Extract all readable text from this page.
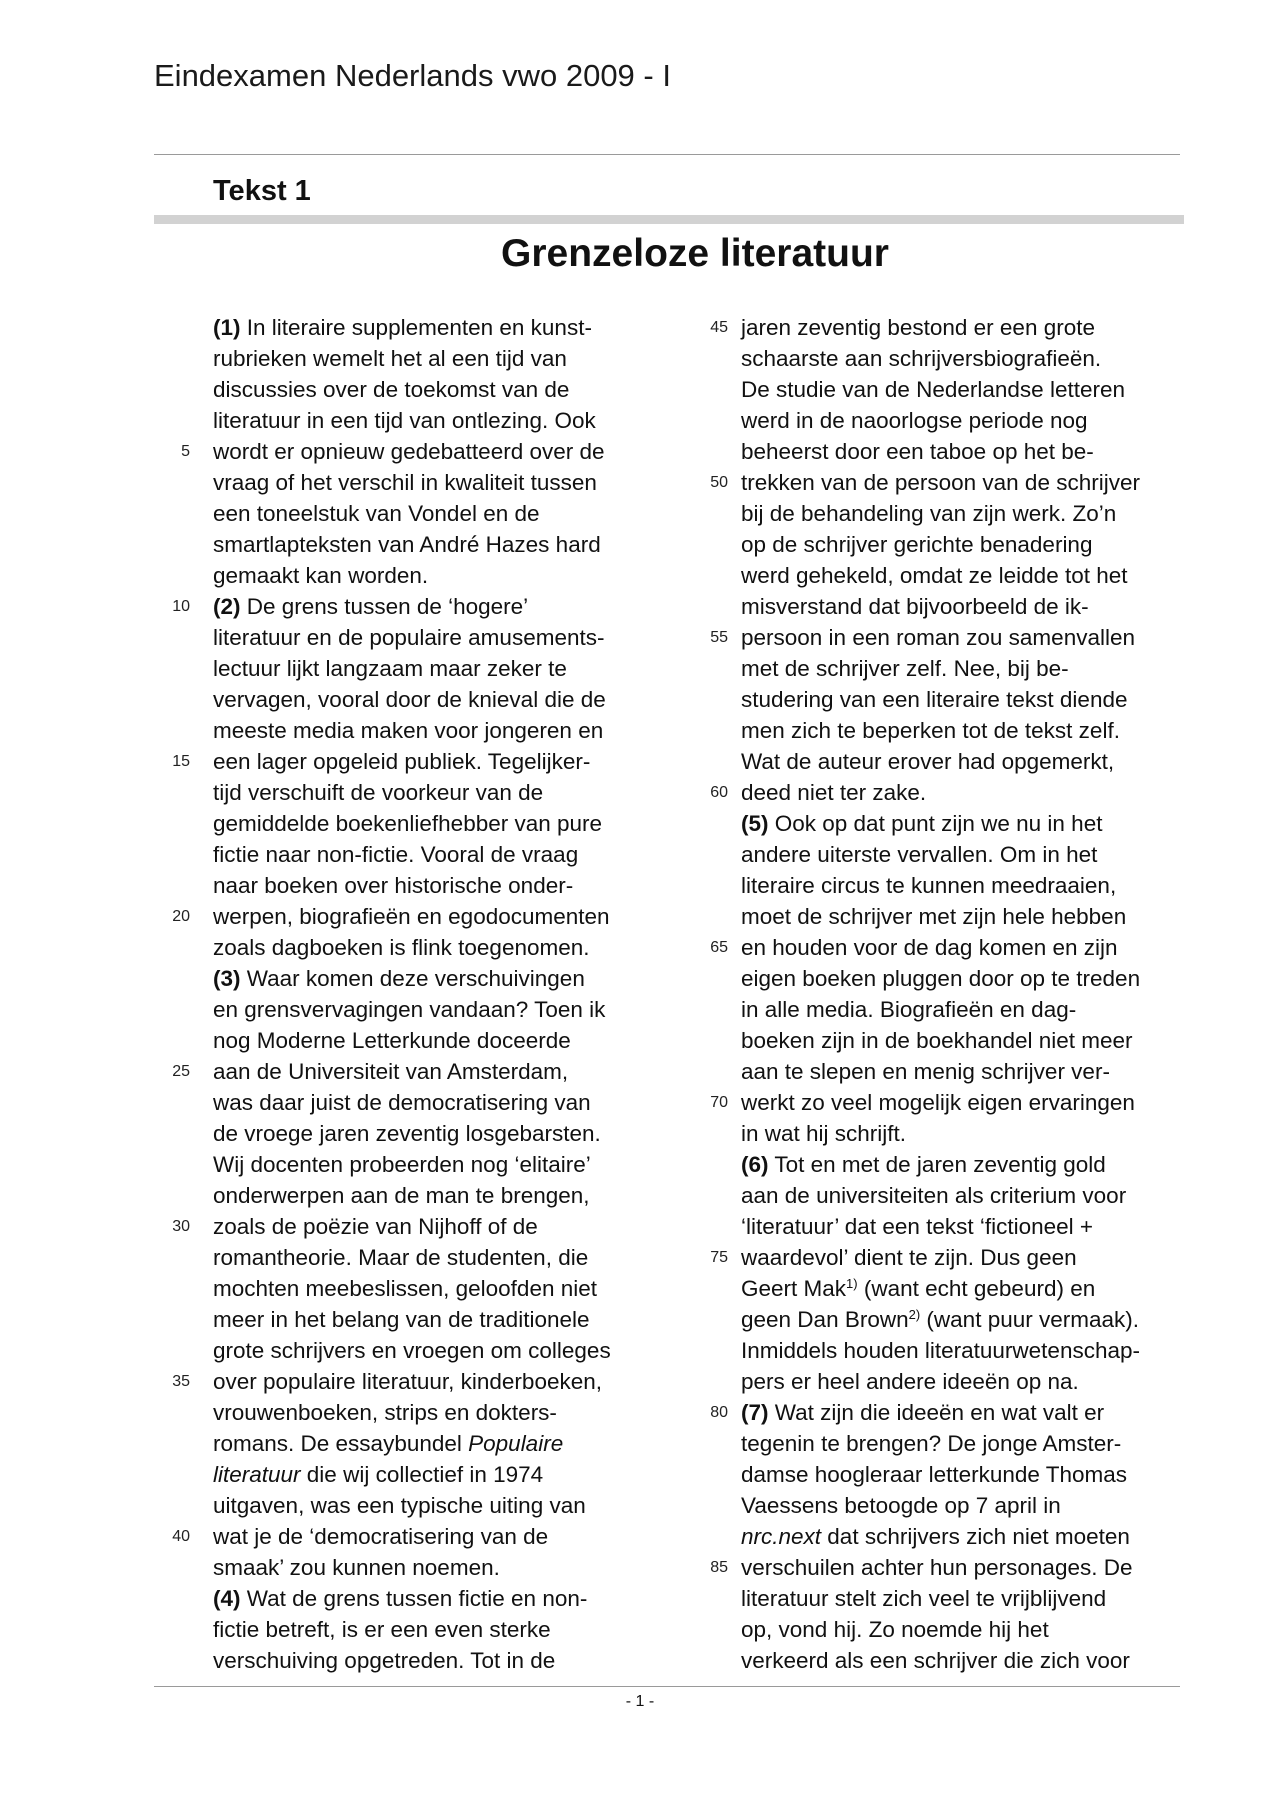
Eindexamen Nederlands vwo 2009 - I
Tekst 1
Grenzeloze literatuur
(1) In literaire supplementen en kunst-
rubrieken wemelt het al een tijd van
discussies over de toekomst van de
literatuur in een tijd van ontlezing. Ook
wordt er opnieuw gedebatteerd over de
vraag of het verschil in kwaliteit tussen
een toneelstuk van Vondel en de
smartlapteksten van André Hazes hard
gemaakt kan worden.
(2) De grens tussen de ‘hogere’
literatuur en de populaire amusements-
lectuur lijkt langzaam maar zeker te
vervagen, vooral door de knieval die de
meeste media maken voor jongeren en
een lager opgeleid publiek. Tegelijker-
tijd verschuift de voorkeur van de
gemiddelde boekenliefhebber van pure
fictie naar non-fictie. Vooral de vraag
naar boeken over historische onder-
werpen, biografieën en egodocumenten
zoals dagboeken is flink toegenomen.
(3) Waar komen deze verschuivingen
en grensvervagingen vandaan? Toen ik
nog Moderne Letterkunde doceerde
aan de Universiteit van Amsterdam,
was daar juist de democratisering van
de vroege jaren zeventig losgebarsten.
Wij docenten probeerden nog ‘elitaire’
onderwerpen aan de man te brengen,
zoals de poëzie van Nijhoff of de
romantheorie. Maar de studenten, die
mochten meebeslissen, geloofden niet
meer in het belang van de traditionele
grote schrijvers en vroegen om colleges
over populaire literatuur, kinderboeken,
vrouwenboeken, strips en dokters-
romans. De essaybundel Populaire
literatuur die wij collectief in 1974
uitgaven, was een typische uiting van
wat je de ‘democratisering van de
smaak’ zou kunnen noemen.
(4) Wat de grens tussen fictie en non-
fictie betreft, is er een even sterke
verschuiving opgetreden. Tot in de
jaren zeventig bestond er een grote
schaarste aan schrijversbiografieën.
De studie van de Nederlandse letteren
werd in de naoorlogse periode nog
beheerst door een taboe op het be-
trekken van de persoon van de schrijver
bij de behandeling van zijn werk. Zo’n
op de schrijver gerichte benadering
werd gehekeld, omdat ze leidde tot het
misverstand dat bijvoorbeeld de ik-
persoon in een roman zou samenvallen
met de schrijver zelf. Nee, bij be-
studering van een literaire tekst diende
men zich te beperken tot de tekst zelf.
Wat de auteur erover had opgemerkt,
deed niet ter zake.
(5) Ook op dat punt zijn we nu in het
andere uiterste vervallen. Om in het
literaire circus te kunnen meedraaien,
moet de schrijver met zijn hele hebben
en houden voor de dag komen en zijn
eigen boeken pluggen door op te treden
in alle media. Biografieën en dag-
boeken zijn in de boekhandel niet meer
aan te slepen en menig schrijver ver-
werkt zo veel mogelijk eigen ervaringen
in wat hij schrijft.
(6) Tot en met de jaren zeventig gold
aan de universiteiten als criterium voor
‘literatuur’ dat een tekst ‘fictioneel +
waardevol’ dient te zijn. Dus geen
Geert Mak$^{1)}$ (want echt gebeurd) en
geen Dan Brown$^{2)}$ (want puur vermaak).
Inmiddels houden literatuurwetenschap-
pers er heel andere ideeën op na.
(7) Wat zijn die ideeën en wat valt er
tegenin te brengen? De jonge Amster-
damse hoogleraar letterkunde Thomas
Vaessens betoogde op 7 april in
nrc.next dat schrijvers zich niet moeten
verschuilen achter hun personages. De
literatuur stelt zich veel te vrijblijvend
op, vond hij. Zo noemde hij het
verkeerd als een schrijver die zich voor
5
10
15
20
25
30
35
40
45
50
55
60
65
70
75
80
85
- 1 -
